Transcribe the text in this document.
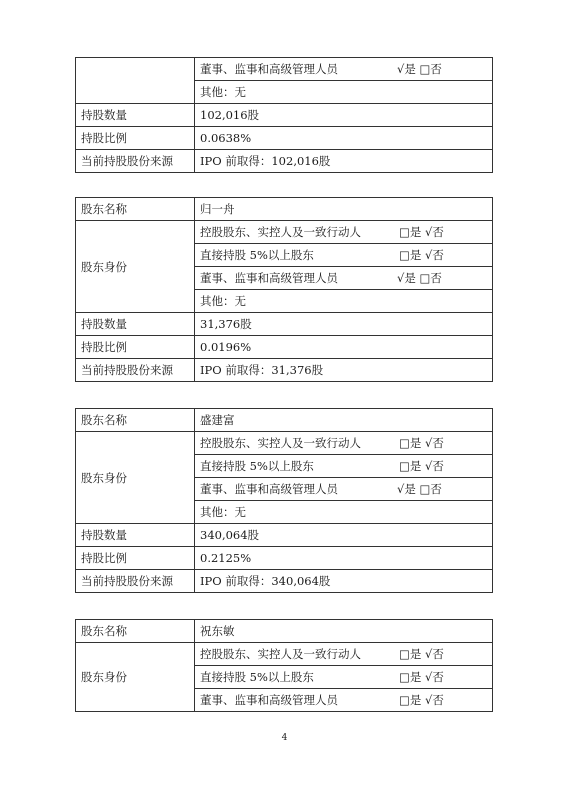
	董事、监事和高级管理人员 √是 □否

	其他：无
持股数量	102,016股
持股比例	0.0638%
当前持股股份来源	IPO 前取得：102,016股
股东名称	归一舟
股东身份	控股股东、实控人及一致行动人 □是 √否

	直接持股 5%以上股东 □是 √否

	董事、监事和高级管理人员 √是 □否

	其他：无
持股数量	31,376股
持股比例	0.0196%
当前持股股份来源	IPO 前取得：31,376股
股东名称	盛建富
股东身份	控股股东、实控人及一致行动人 □是 √否

	直接持股 5%以上股东 □是 √否

	董事、监事和高级管理人员 √是 □否

	其他：无
持股数量	340,064股
持股比例	0.2125%
当前持股股份来源	IPO 前取得：340,064股
股东名称	祝东敏
股东身份	控股股东、实控人及一致行动人 □是 √否

	直接持股 5%以上股东 □是 √否

	董事、监事和高级管理人员 □是 √否
4
